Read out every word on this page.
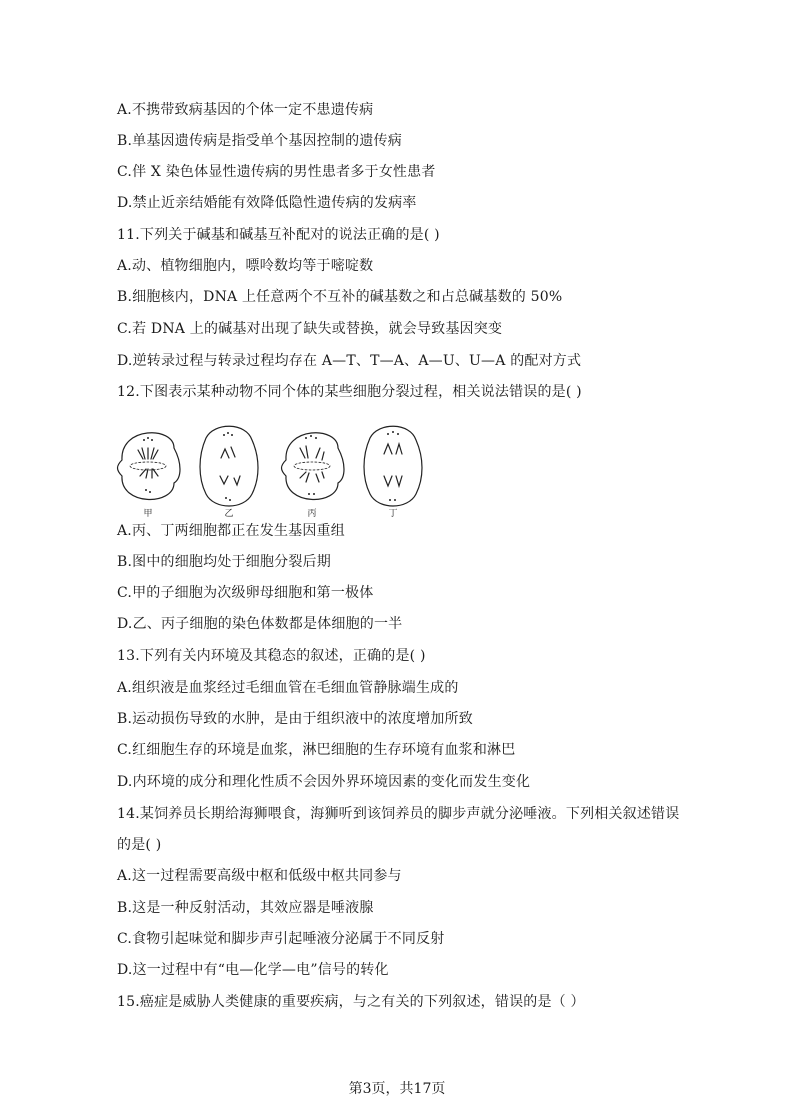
A.不携带致病基因的个体一定不患遗传病
B.单基因遗传病是指受单个基因控制的遗传病
C.伴 X 染色体显性遗传病的男性患者多于女性患者
D.禁止近亲结婚能有效降低隐性遗传病的发病率
11.下列关于碱基和碱基互补配对的说法正确的是( )
A.动、植物细胞内，嘌呤数均等于嘧啶数
B.细胞核内，DNA 上任意两个不互补的碱基数之和占总碱基数的 50%
C.若 DNA 上的碱基对出现了缺失或替换，就会导致基因突变
D.逆转录过程与转录过程均存在 A—T、T—A、A—U、U—A 的配对方式
12.下图表示某种动物不同个体的某些细胞分裂过程，相关说法错误的是( )
甲	乙	丙	丁
A.丙、丁两细胞都正在发生基因重组
B.图中的细胞均处于细胞分裂后期
C.甲的子细胞为次级卵母细胞和第一极体
D.乙、丙子细胞的染色体数都是体细胞的一半
13.下列有关内环境及其稳态的叙述，正确的是( )
A.组织液是血浆经过毛细血管在毛细血管静脉端生成的
B.运动损伤导致的水肿，是由于组织液中的浓度增加所致
C.红细胞生存的环境是血浆，淋巴细胞的生存环境有血浆和淋巴
D.内环境的成分和理化性质不会因外界环境因素的变化而发生变化
14.某饲养员长期给海狮喂食，海狮听到该饲养员的脚步声就分泌唾液。下列相关叙述错误
的是( )
A.这一过程需要高级中枢和低级中枢共同参与
B.这是一种反射活动，其效应器是唾液腺
C.食物引起味觉和脚步声引起唾液分泌属于不同反射
D.这一过程中有“电—化学—电”信号的转化
15.癌症是威胁人类健康的重要疾病，与之有关的下列叙述，错误的是（ ）
第3页，共17页
